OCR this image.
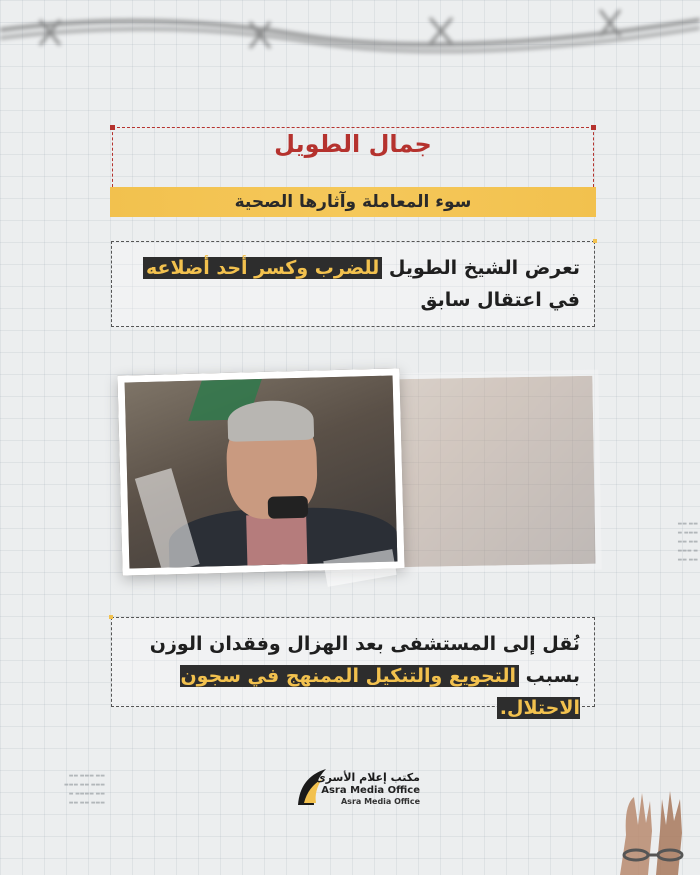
جمال الطويل
سوء المعاملة وآثارها الصحية

تعرض الشيخ الطويل للضرب وكسر أحد أضلاعه

في اعتقال سابق

نُقل إلى المستشفى بعد الهزال وفقدان الوزن

بسبب التجويع والتنكيل الممنهج في سجون الاحتلال.

▬▬ ▬▬▬ ▬▬
▬▬▬ ▬▬ ▬▬▬
▬▬ ▬▬▬▬ ▬
▬▬▬ ▬▬ ▬▬
▬▬ ▬▬
▬▬▬ ▬
▬▬ ▬▬
▬ ▬▬▬
▬▬ ▬▬
مكتب إعلام الأسرى
Asra Media Office
Asra Media Office
